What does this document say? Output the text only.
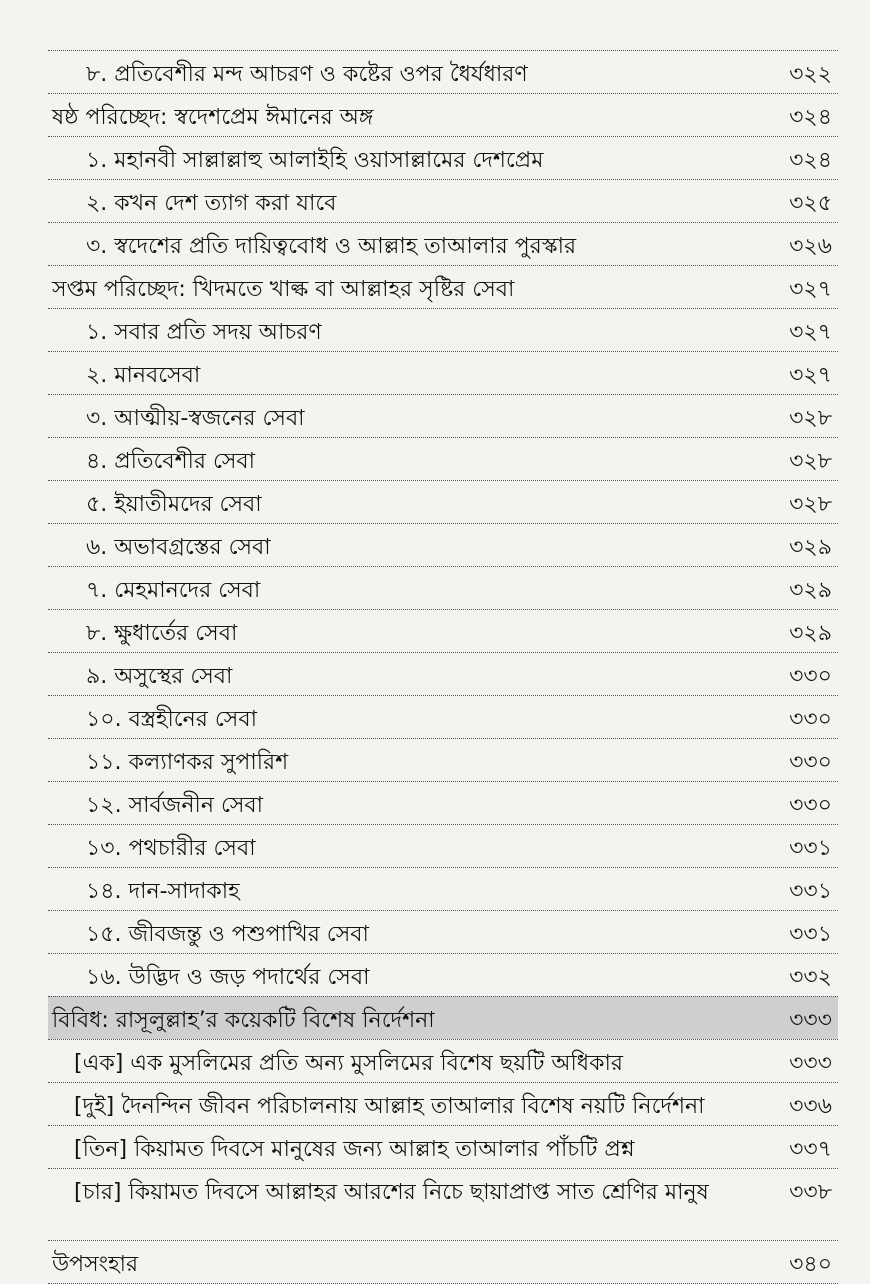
৮. প্রতিবেশীর মন্দ আচরণ ও কষ্টের ওপর ধৈর্যধারণ	৩২২
ষষ্ঠ পরিচ্ছেদ: স্বদেশপ্রেম ঈমানের অঙ্গ	৩২৪
১. মহানবী সাল্লাল্লাহু আলাইহি ওয়াসাল্লামের দেশপ্রেম	৩২৪
২. কখন দেশ ত্যাগ করা যাবে	৩২৫
৩. স্বদেশের প্রতি দায়িত্ববোধ ও আল্লাহ তাআলার পুরস্কার	৩২৬
সপ্তম পরিচ্ছেদ: খিদমতে খাল্ক বা আল্লাহর সৃষ্টির সেবা	৩২৭
১. সবার প্রতি সদয় আচরণ	৩২৭
২. মানবসেবা	৩২৭
৩. আত্মীয়-স্বজনের সেবা	৩২৮
৪. প্রতিবেশীর সেবা	৩২৮
৫. ইয়াতীমদের সেবা	৩২৮
৬. অভাবগ্রস্তের সেবা	৩২৯
৭. মেহমানদের সেবা	৩২৯
৮. ক্ষুধার্তের সেবা	৩২৯
৯. অসুস্থের সেবা	৩৩০
১০. বস্ত্রহীনের সেবা	৩৩০
১১. কল্যাণকর সুপারিশ	৩৩০
১২. সার্বজনীন সেবা	৩৩০
১৩. পথচারীর সেবা	৩৩১
১৪. দান-সাদাকাহ	৩৩১
১৫. জীবজন্তু ও পশুপাখির সেবা	৩৩১
১৬. উদ্ভিদ ও জড় পদার্থের সেবা	৩৩২
বিবিধ: রাসূলুল্লাহ’র কয়েকটি বিশেষ নির্দেশনা	৩৩৩
[এক] এক মুসলিমের প্রতি অন্য মুসলিমের বিশেষ ছয়টি অধিকার	৩৩৩
[দুই] দৈনন্দিন জীবন পরিচালনায় আল্লাহ তাআলার বিশেষ নয়টি নির্দেশনা	৩৩৬
[তিন] কিয়ামত দিবসে মানুষের জন্য আল্লাহ তাআলার পাঁচটি প্রশ্ন	৩৩৭
[চার] কিয়ামত দিবসে আল্লাহর আরশের নিচে ছায়াপ্রাপ্ত সাত শ্রেণির মানুষ	৩৩৮
উপসংহার	৩৪০
